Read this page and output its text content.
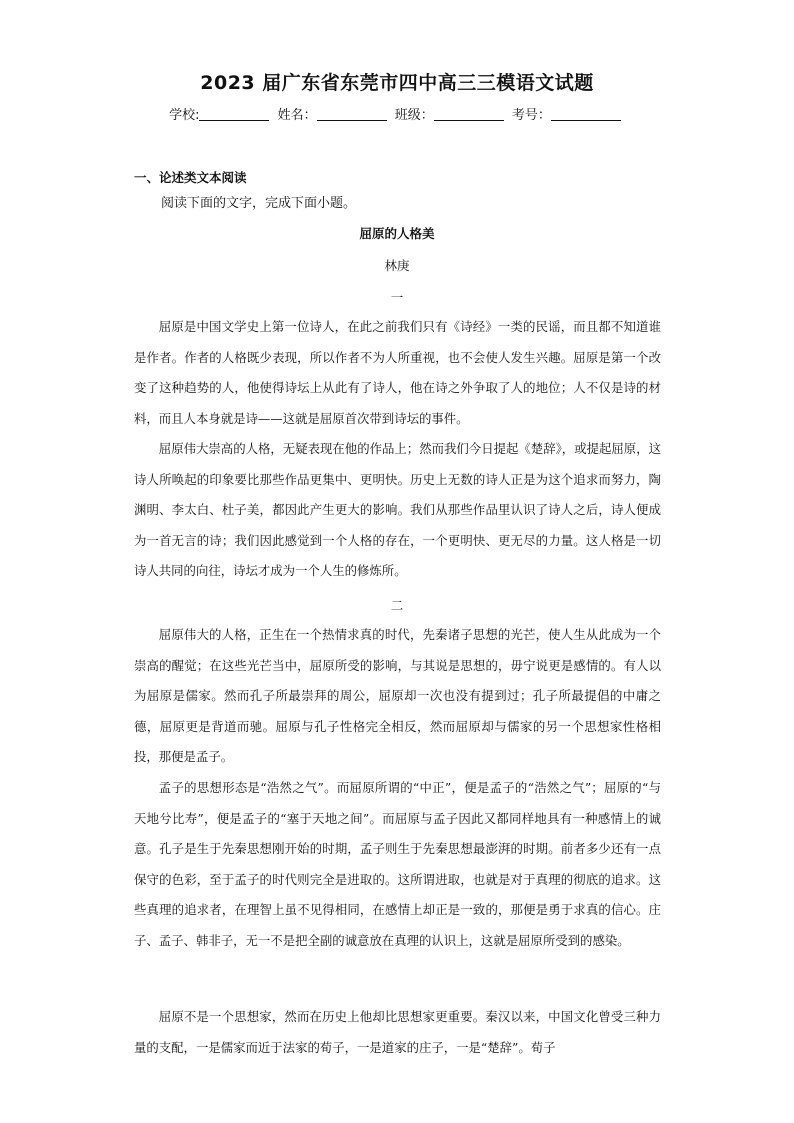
2023 届广东省东莞市四中高三三模语文试题
学校:	姓名：	班级：	考号：
一、论述类文本阅读
阅读下面的文字，完成下面小题。
屈原的人格美
林庚
一

屈原是中国文学史上第一位诗人，在此之前我们只有《诗经》一类的民谣，而且都不知道谁是作者。作者的人格既少表现，所以作者不为人所重视，也不会使人发生兴趣。屈原是第一个改变了这种趋势的人，他使得诗坛上从此有了诗人，他在诗之外争取了人的地位；人不仅是诗的材料，而且人本身就是诗——这就是屈原首次带到诗坛的事件。

屈原伟大崇高的人格，无疑表现在他的作品上；然而我们今日提起《楚辞》，或提起屈原，这诗人所唤起的印象要比那些作品更集中、更明快。历史上无数的诗人正是为这个追求而努力，陶渊明、李太白、杜子美，都因此产生更大的影响。我们从那些作品里认识了诗人之后，诗人便成为一首无言的诗；我们因此感觉到一个人格的存在，一个更明快、更无尽的力量。这人格是一切诗人共同的向往，诗坛才成为一个人生的修炼所。

二

屈原伟大的人格，正生在一个热情求真的时代，先秦诸子思想的光芒，使人生从此成为一个崇高的醒觉；在这些光芒当中，屈原所受的影响，与其说是思想的，毋宁说更是感情的。有人以为屈原是儒家。然而孔子所最崇拜的周公，屈原却一次也没有提到过；孔子所最提倡的中庸之德，屈原更是背道而驰。屈原与孔子性格完全相反，然而屈原却与儒家的另一个思想家性格相投，那便是孟子。

孟子的思想形态是“浩然之气”。而屈原所谓的“中正”，便是孟子的“浩然之气”；屈原的“与天地兮比寿”，便是孟子的“塞于天地之间”。而屈原与孟子因此又都同样地具有一种感情上的诚意。孔子是生于先秦思想刚开始的时期，孟子则生于先秦思想最澎湃的时期。前者多少还有一点保守的色彩，至于孟子的时代则完全是进取的。这所谓进取，也就是对于真理的彻底的追求。这些真理的追求者，在理智上虽不见得相同，在感情上却正是一致的，那便是勇于求真的信心。庄子、孟子、韩非子，无一不是把全副的诚意放在真理的认识上，这就是屈原所受到的感染。

屈原不是一个思想家，然而在历史上他却比思想家更重要。秦汉以来，中国文化曾受三种力量的支配，一是儒家而近于法家的荀子，一是道家的庄子，一是“楚辞”。荀子
